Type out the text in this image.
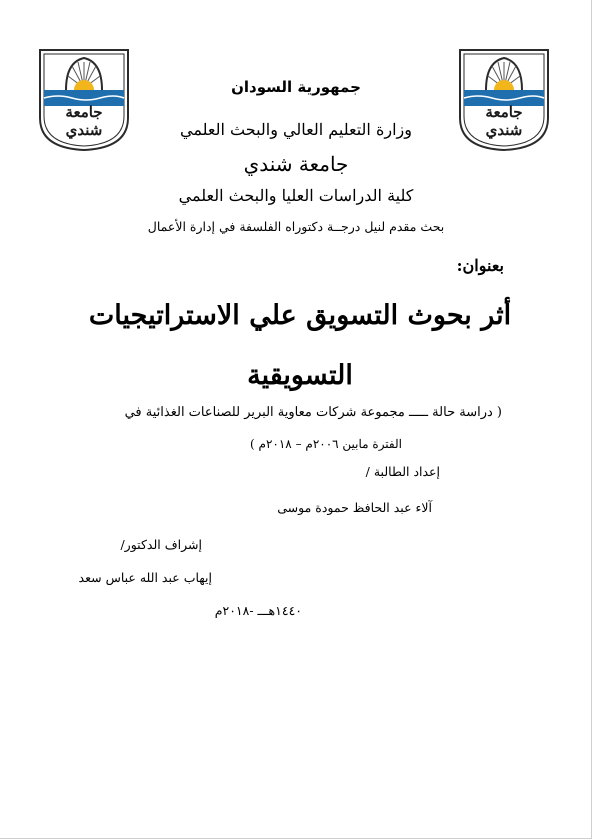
جامعة
شندي
جامعة
شندي
جمهورية السودان
وزارة التعليم العالي والبحث العلمي
جامعة شندي
كلية الدراسات العليا والبحث العلمي
بحث مقدم لنيل درجــة دكتوراه الفلسفة في إدارة الأعمال
بعنوان:
أثر بحوث التسويق علي الاستراتيجيات
التسويقية
( دراسة حالة ـــــ مجموعة شركات معاوية البرير للصناعات الغذائية في
الفترة مابين ٢٠٠٦م – ٢٠١٨م )
إعداد الطالبة /
آلاء عبد الحافظ حمودة موسى
إشراف الدكتور/
إيهاب عبد الله عباس سعد
١٤٤٠هـــ -٢٠١٨م
